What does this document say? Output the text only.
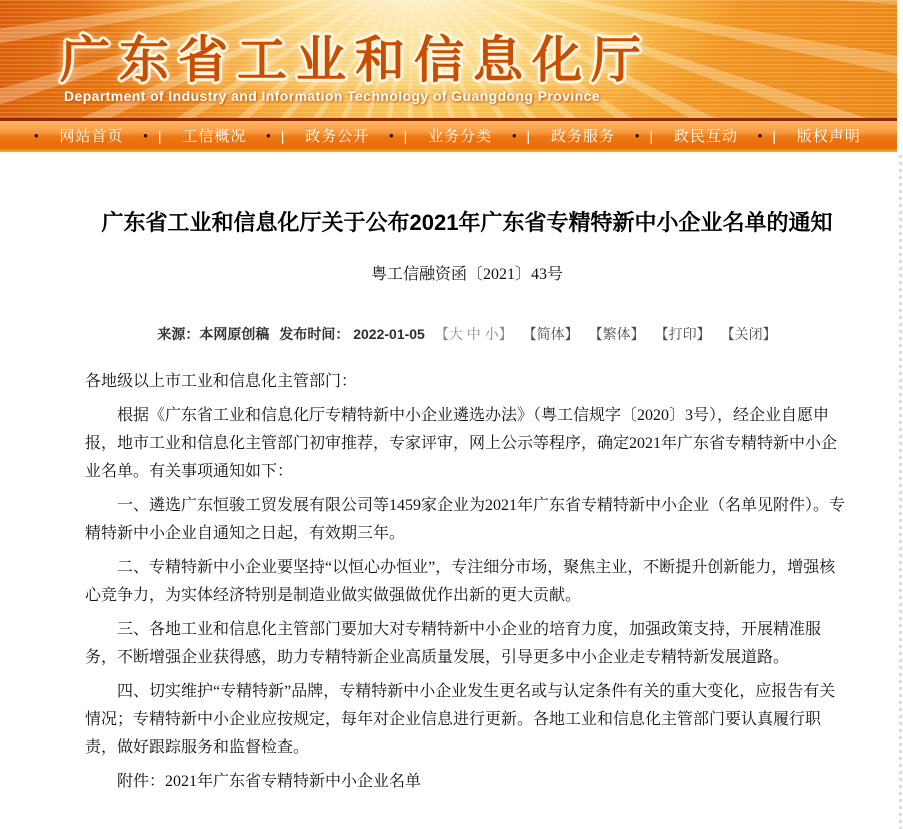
广东省工业和信息化厅
Department of Industry and Information Technology of Guangdong Province
• 网站首页 • | 工信概况 • | 政务公开 • | 业务分类 • | 政务服务 • | 政民互动 • | 版权声明
广东省工业和信息化厅关于公布2021年广东省专精特新中小企业名单的通知
粤工信融资函〔2021〕43号
来源：本网原创稿 发布时间： 2022-01-05 【大 中 小】 【简体】 【繁体】 【打印】 【关闭】

各地级以上市工业和信息化主管部门：

根据《广东省工业和信息化厅专精特新中小企业遴选办法》（粤工信规字〔2020〕3号），经企业自愿申报，地市工业和信息化主管部门初审推荐，专家评审，网上公示等程序，确定2021年广东省专精特新中小企业名单。有关事项通知如下：

一、遴选广东恒骏工贸发展有限公司等1459家企业为2021年广东省专精特新中小企业（名单见附件）。专精特新中小企业自通知之日起，有效期三年。

二、专精特新中小企业要坚持“以恒心办恒业”，专注细分市场，聚焦主业，不断提升创新能力，增强核心竞争力，为实体经济特别是制造业做实做强做优作出新的更大贡献。

三、各地工业和信息化主管部门要加大对专精特新中小企业的培育力度，加强政策支持，开展精准服务，不断增强企业获得感，助力专精特新企业高质量发展，引导更多中小企业走专精特新发展道路。

四、切实维护“专精特新”品牌，专精特新中小企业发生更名或与认定条件有关的重大变化，应报告有关情况；专精特新中小企业应按规定，每年对企业信息进行更新。各地工业和信息化主管部门要认真履行职责，做好跟踪服务和监督检查。

附件：2021年广东省专精特新中小企业名单
